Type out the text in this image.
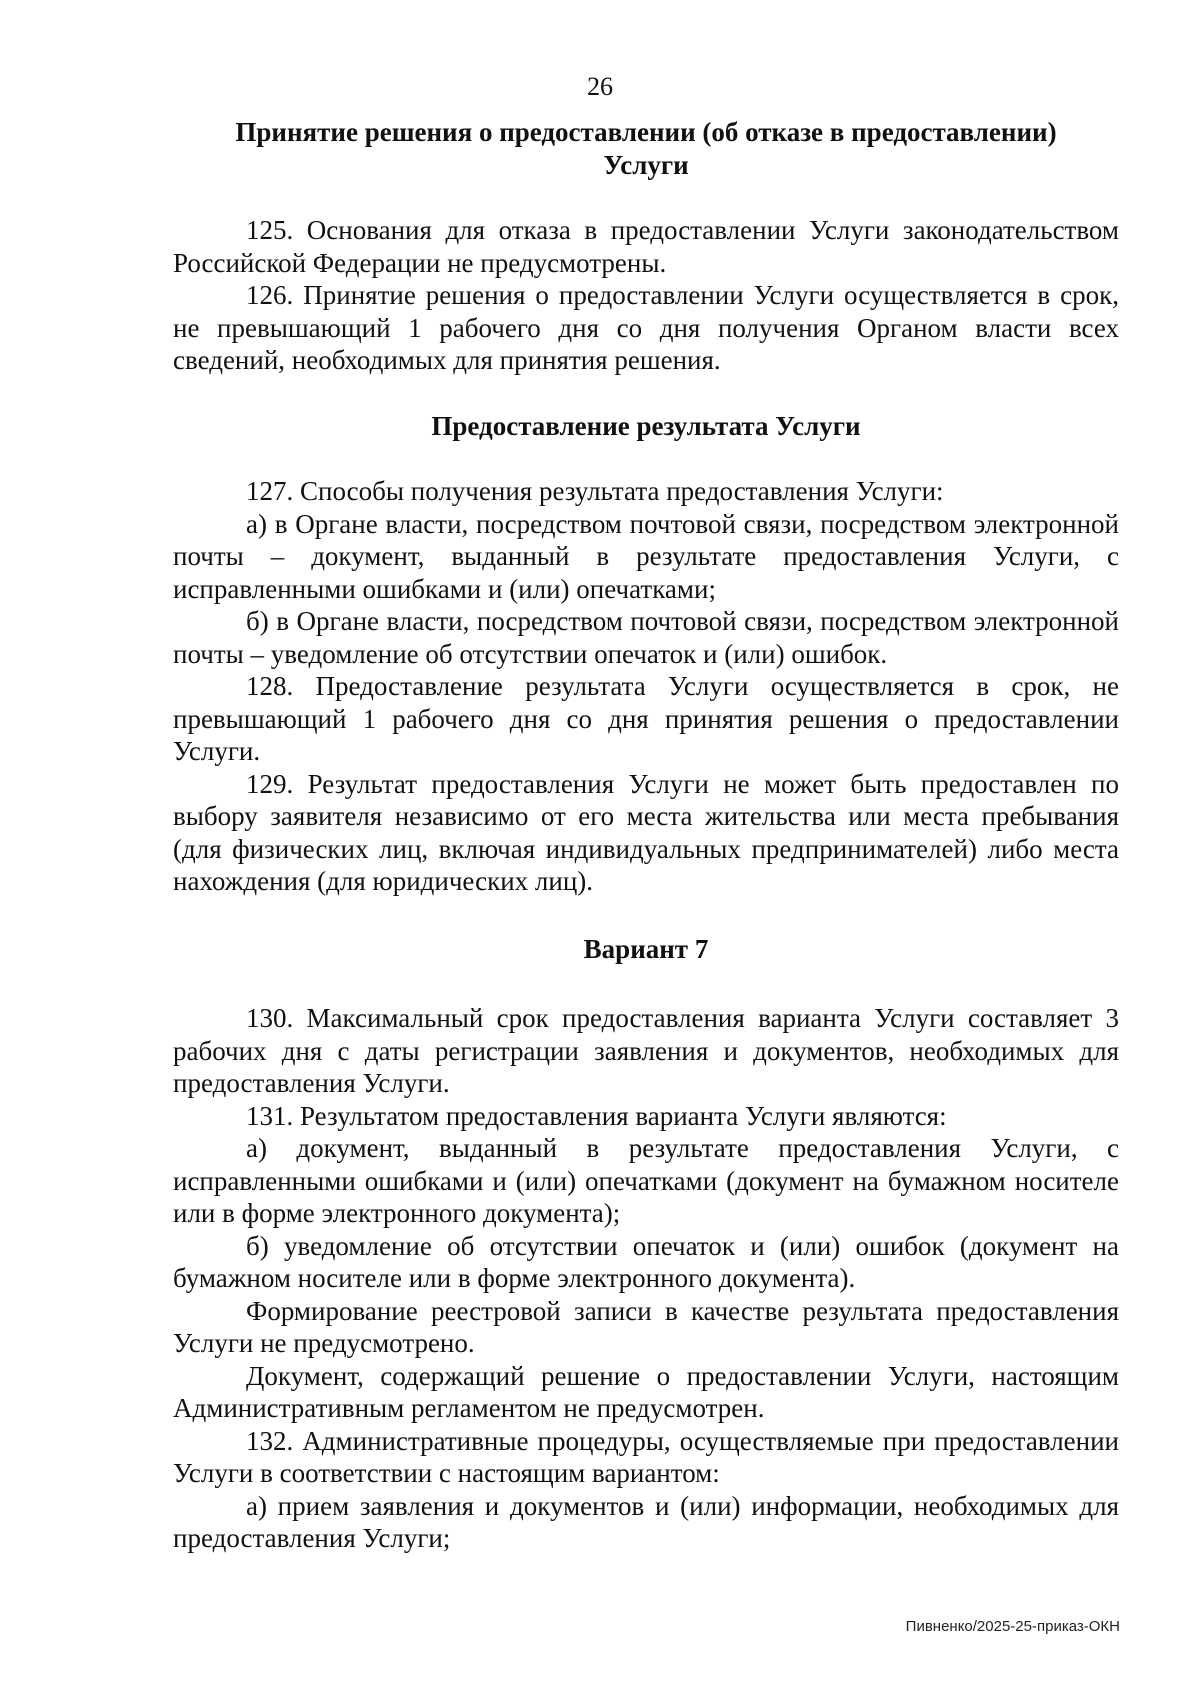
26
Принятие решения о предоставлении (об отказе в предоставлении)
Услуги

125. Основания для отказа в предоставлении Услуги законодательством Российской Федерации не предусмотрены.

126. Принятие решения о предоставлении Услуги осуществляется в срок, не превышающий 1 рабочего дня со дня получения Органом власти всех сведений, необходимых для принятия решения.

Предоставление результата Услуги

127. Способы получения результата предоставления Услуги:

а) в Органе власти, посредством почтовой связи, посредством электронной почты – документ, выданный в результате предоставления Услуги, с исправленными ошибками и (или) опечатками;

б) в Органе власти, посредством почтовой связи, посредством электронной почты – уведомление об отсутствии опечаток и (или) ошибок.

128. Предоставление результата Услуги осуществляется в срок, не превышающий 1 рабочего дня со дня принятия решения о предоставлении Услуги.

129. Результат предоставления Услуги не может быть предоставлен по выбору заявителя независимо от его места жительства или места пребывания (для физических лиц, включая индивидуальных предпринимателей) либо места нахождения (для юридических лиц).

Вариант 7

130. Максимальный срок предоставления варианта Услуги составляет 3 рабочих дня с даты регистрации заявления и документов, необходимых для предоставления Услуги.

131. Результатом предоставления варианта Услуги являются:

а) документ, выданный в результате предоставления Услуги, с исправленными ошибками и (или) опечатками (документ на бумажном носителе или в форме электронного документа);

б) уведомление об отсутствии опечаток и (или) ошибок (документ на бумажном носителе или в форме электронного документа).

Формирование реестровой записи в качестве результата предоставления Услуги не предусмотрено.

Документ, содержащий решение о предоставлении Услуги, настоящим Административным регламентом не предусмотрен.

132. Административные процедуры, осуществляемые при предоставлении Услуги в соответствии с настоящим вариантом:

а) прием заявления и документов и (или) информации, необходимых для предоставления Услуги;

Пивненко/2025-25-приказ-ОКН
